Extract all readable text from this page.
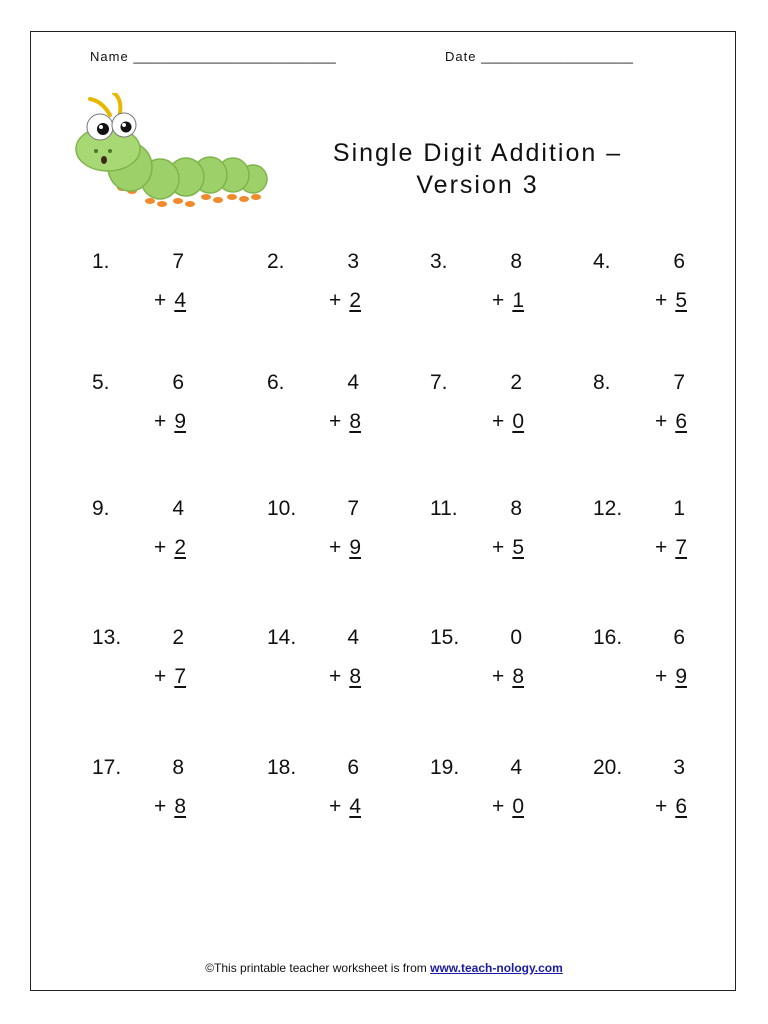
Name ____________________________	Date _____________________
Single Digit Addition –
Version 3
1.	7
+ 4
2.	3
+ 2
3.	8
+ 1
4.	6
+ 5
5.	6
+ 9
6.	4
+ 8
7.	2
+ 0
8.	7
+ 6
9.	4
+ 2
10. 7
+ 9
11.	8
+ 5
12. 1
+ 7
13. 2
+ 7
14. 4
+ 8
15. 0
+ 8
16. 6
+ 9
17. 8
+ 8
18. 6
+ 4
19. 4
+ 0
20. 3
+ 6
©This printable teacher worksheet is from www.teach-nology.com
